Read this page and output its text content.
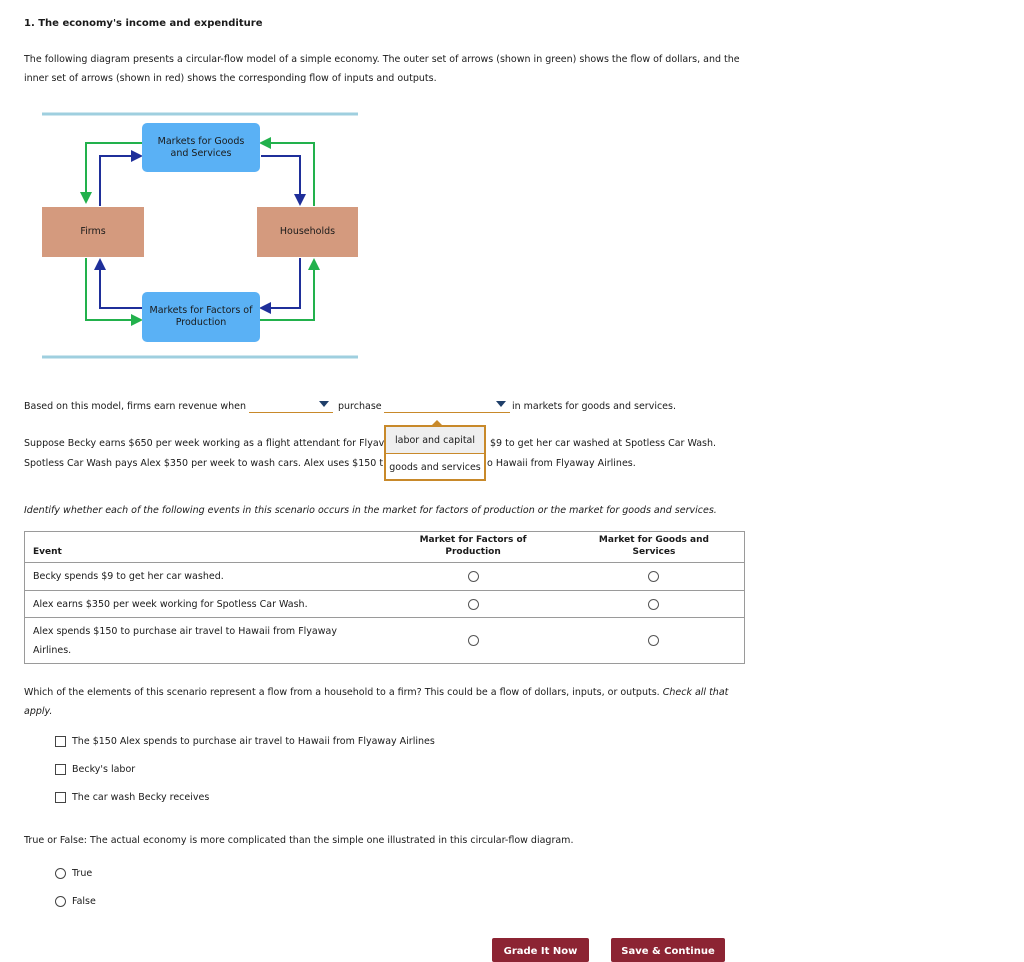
1. The economy's income and expenditure
The following diagram presents a circular-flow model of a simple economy. The outer set of arrows (shown in green) shows the flow of dollars, and the inner set of arrows (shown in red) shows the corresponding flow of inputs and outputs.
Markets for Goods and Services
Markets for Factors of Production
Firms	Households
Based on this model, firms earn revenue when	purchase	in markets for goods and services.
Suppose Becky earns $650 per week working as a flight attendant for Flyav	$9 to get her car washed at Spotless Car Wash.
Spotless Car Wash pays Alex $350 per week to wash cars. Alex uses $150 t	o Hawaii from Flyaway Airlines.
labor and capital
goods and services
Identify whether each of the following events in this scenario occurs in the market for factors of production or the market for goods and services.
Event	Market for Factors of Production	Market for Goods and Services
Becky spends $9 to get her car washed.		
Alex earns $350 per week working for Spotless Car Wash.		
Alex spends $150 to purchase air travel to Hawaii from Flyaway Airlines.		
Which of the elements of this scenario represent a flow from a household to a firm? This could be a flow of dollars, inputs, or outputs. Check all that apply.
The $150 Alex spends to purchase air travel to Hawaii from Flyaway Airlines
Becky's labor
The car wash Becky receives
True or False: The actual economy is more complicated than the simple one illustrated in this circular-flow diagram.
True
False
Grade It Now	Save & Continue
